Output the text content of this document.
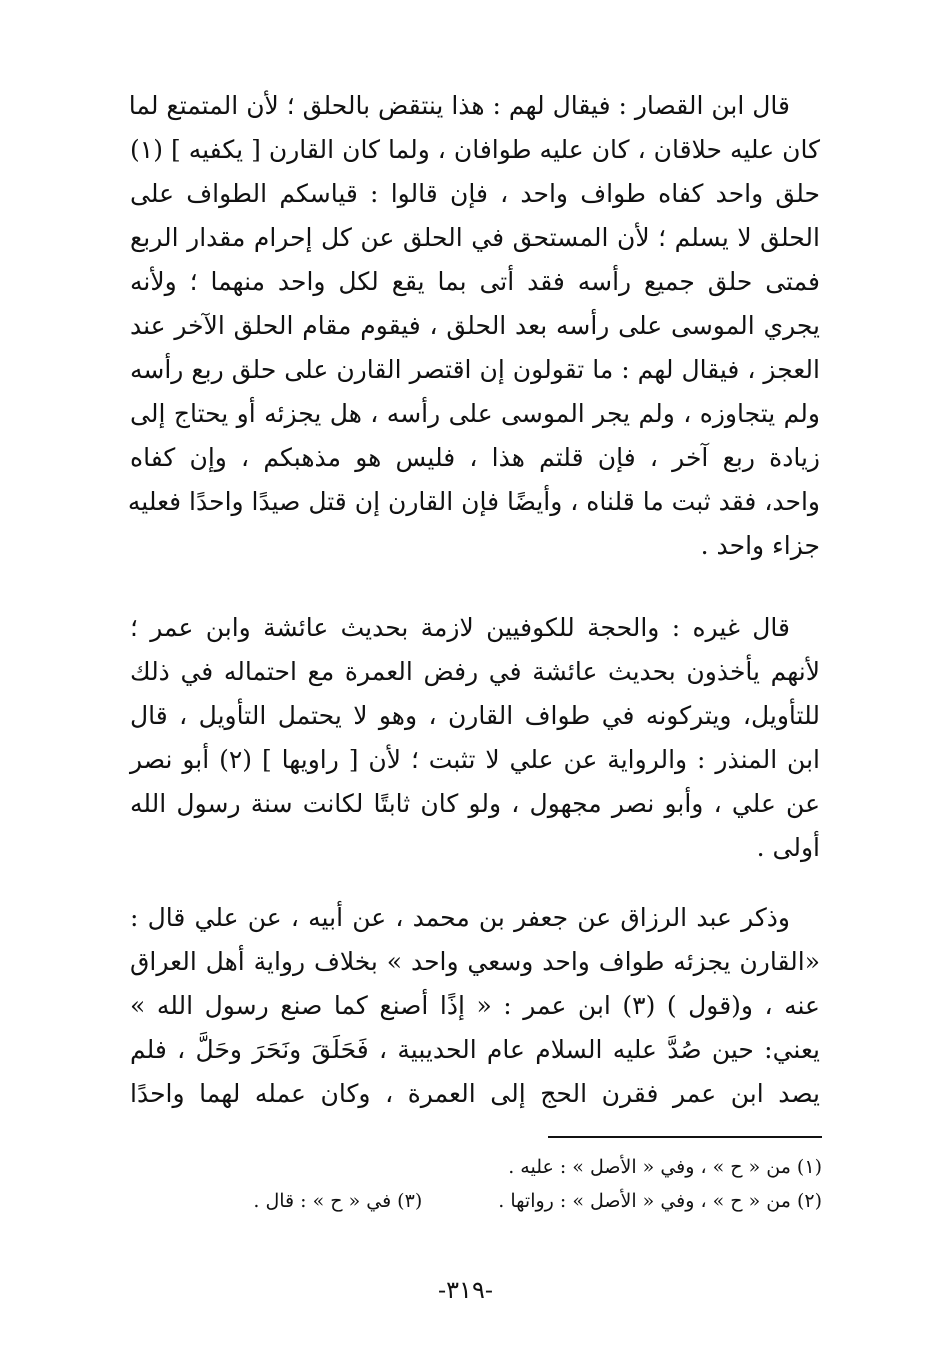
قال ابن القصار : فيقال لهم : هذا ينتقض بالحلق ؛ لأن المتمتع لما
كان عليه حلاقان ، كان عليه طوافان ، ولما كان القارن [ يكفيه ] (١)
حلق واحد كفاه طواف واحد ، فإن قالوا : قياسكم الطواف على
الحلق لا يسلم ؛ لأن المستحق في الحلق عن كل إحرام مقدار الربع
فمتى حلق جميع رأسه فقد أتى بما يقع لكل واحد منهما ؛ ولأنه
يجري الموسى على رأسه بعد الحلق ، فيقوم مقام الحلق الآخر عند
العجز ، فيقال لهم : ما تقولون إن اقتصر القارن على حلق ربع رأسه
ولم يتجاوزه ، ولم يجر الموسى على رأسه ، هل يجزئه أو يحتاج إلى
زيادة ربع آخر ، فإن قلتم هذا ، فليس هو مذهبكم ، وإن كفاه
واحد، فقد ثبت ما قلناه ، وأيضًا فإن القارن إن قتل صيدًا واحدًا فعليه
جزاء واحد .
قال غيره : والحجة للكوفيين لازمة بحديث عائشة وابن عمر ؛
لأنهم يأخذون بحديث عائشة في رفض العمرة مع احتماله في ذلك
للتأويل، ويتركونه في طواف القارن ، وهو لا يحتمل التأويل ، قال
ابن المنذر : والرواية عن علي لا تثبت ؛ لأن [ راويها ] (٢) أبو نصر
عن علي ، وأبو نصر مجهول ، ولو كان ثابتًا لكانت سنة رسول الله
أولى .
وذكر عبد الرزاق عن جعفر بن محمد ، عن أبيه ، عن علي قال :
«القارن يجزئه طواف واحد وسعي واحد » بخلاف رواية أهل العراق
عنه ، و(قول ) (٣) ابن عمر : « إذًا أصنع كما صنع رسول الله »
يعني: حين صُدَّ عليه السلام عام الحديبية ، فَحَلَقَ ونَحَرَ وحَلَّ ، فلم
يصد ابن عمر فقرن الحج إلى العمرة ، وكان عمله لهما واحدًا
(١) من « ح » ، وفي « الأصل » : عليه .
(٢) من « ح » ، وفي « الأصل » : رواتها . (٣) في « ح » : قال .
-٣١٩-
